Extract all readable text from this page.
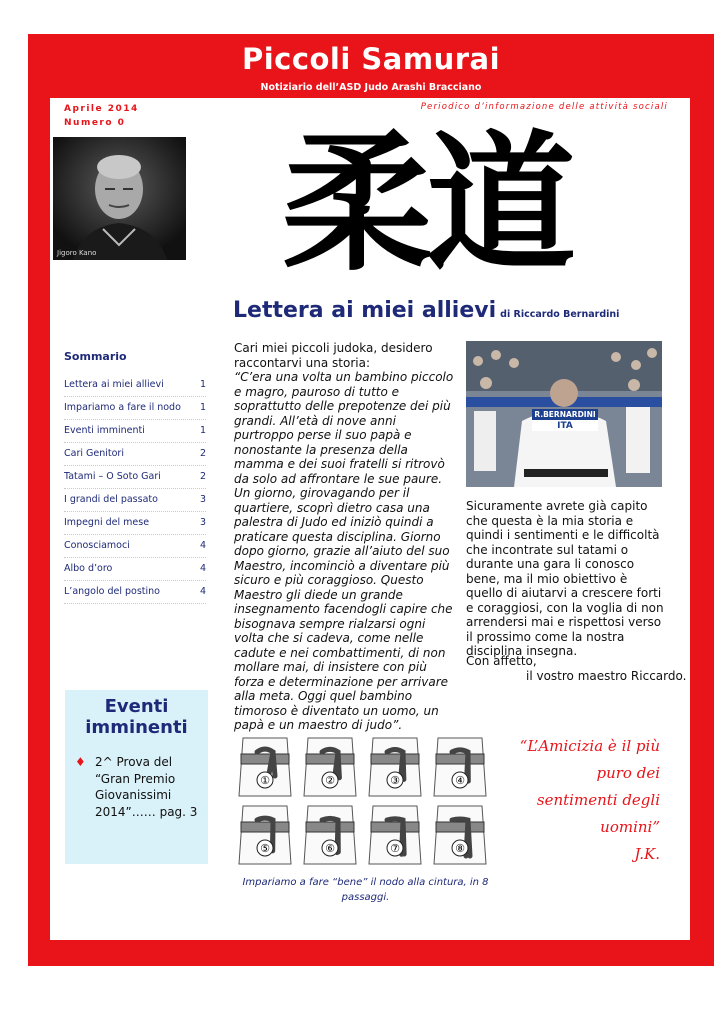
Piccoli Samurai
Notiziario dell’ASD Judo Arashi Bracciano
Aprile 2014
Numero 0
Periodico d’informazione delle attività sociali
Jigoro Kano 柔道
Lettera ai miei allievi di Riccardo Bernardini
Sommario
Lettera ai miei allievi	1
Impariamo a fare il nodo 1
Eventi imminenti	1
Cari Genitori	2
Tatami – O Soto Gari	2
I grandi del passato	3
Impegni del mese	3
Conosciamoci	4
Albo d’oro	4
L’angolo del postino	4
Cari miei piccoli judoka, desidero raccontarvi una storia:
“C’era una volta un bambino piccolo e magro, pauroso di tutto e soprattutto delle prepotenze dei più grandi. All’età di nove anni purtroppo perse il suo papà e nonostante la presenza della mamma e dei suoi fratelli si ritrovò da solo ad affrontare le sue paure. Un giorno, girovagando per il quartiere, scoprì dietro casa una palestra di Judo ed iniziò quindi a praticare questa disciplina. Giorno dopo giorno, grazie all’aiuto del suo Maestro, incominciò a diventare più sicuro e più coraggioso. Questo Maestro gli diede un grande insegnamento facendogli capire che bisognava sempre rialzarsi ogni volta che si cadeva, come nelle cadute e nei combattimenti, di non mollare mai, di insistere con più forza e determinazione per arrivare alla meta. Oggi quel bambino timoroso è diventato un uomo, un papà e un maestro di judo”.
R.BERNARDINI
ITA
Sicuramente avrete già capito che questa è la mia storia e quindi i sentimenti e le difficoltà che incontrate sul tatami o durante una gara li conosco bene, ma il mio obiettivo è quello di aiutarvi a crescere forti e coraggiosi, con la voglia di non arrendersi mai e rispettosi verso il prossimo come la nostra disciplina insegna.
Con affetto,
il vostro maestro Riccardo.
Eventi imminenti
♦ 2^ Prova del “Gran Premio Giovanissimi 2014”…… pag. 3
①	②	③	④
⑤	⑥	⑦	⑧
Impariamo a fare “bene” il nodo alla cintura, in 8 passaggi.
“L’Amicizia è il più puro dei sentimenti degli uomini”
J.K.
